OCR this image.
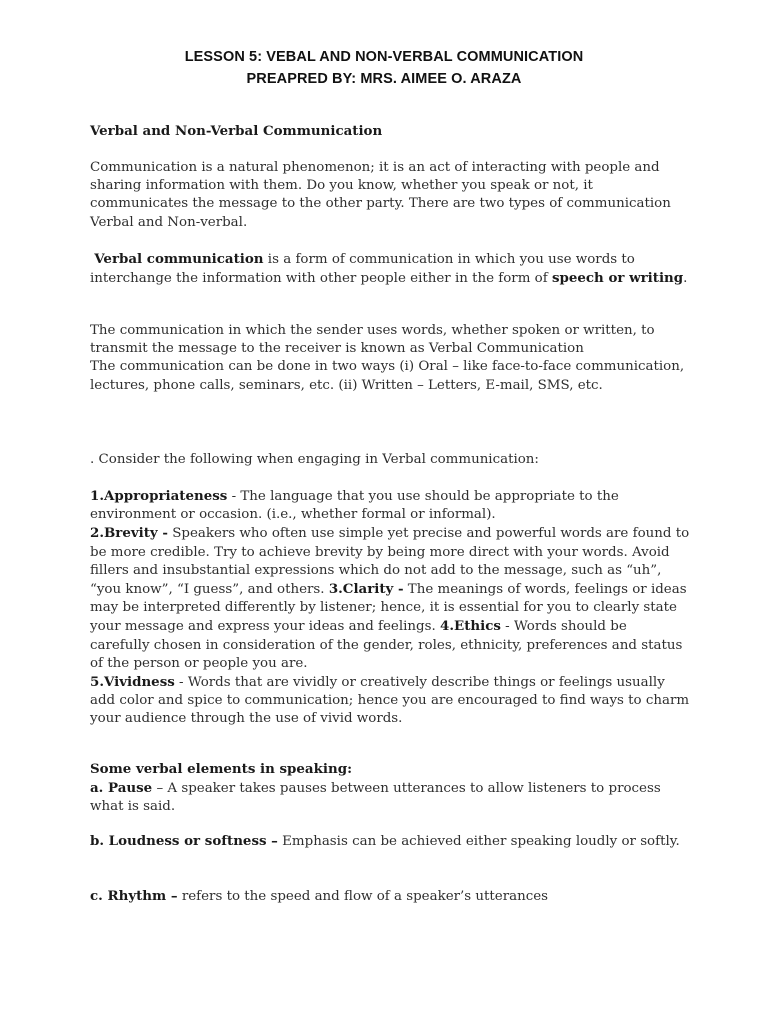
LESSON 5: VEBAL AND NON-VERBAL COMMUNICATION
PREAPRED BY: MRS. AIMEE O. ARAZA
Verbal and Non-Verbal Communication

Communication is a natural phenomenon; it is an act of interacting with people and sharing information with them. Do you know, whether you speak or not, it communicates the message to the other party. There are two types of communication Verbal and Non-verbal.

Verbal communication is a form of communication in which you use words to interchange the information with other people either in the form of speech or writing.

The communication in which the sender uses words, whether spoken or written, to transmit the message to the receiver is known as Verbal Communication

The communication can be done in two ways (i) Oral – like face-to-face communication, lectures, phone calls, seminars, etc. (ii) Written – Letters, E-mail, SMS, etc.

. Consider the following when engaging in Verbal communication:

1.Appropriateness - The language that you use should be appropriate to the environment or occasion. (i.e., whether formal or informal).

2.Brevity - Speakers who often use simple yet precise and powerful words are found to be more credible. Try to achieve brevity by being more direct with your words. Avoid fillers and insubstantial expressions which do not add to the message, such as “uh”, “you know”, “I guess”, and others. 3.Clarity - The meanings of words, feelings or ideas may be interpreted differently by listener; hence, it is essential for you to clearly state your message and express your ideas and feelings. 4.Ethics - Words should be carefully chosen in consideration of the gender, roles, ethnicity, preferences and status of the person or people you are.

5.Vividness - Words that are vividly or creatively describe things or feelings usually add color and spice to communication; hence you are encouraged to find ways to charm your audience through the use of vivid words.

Some verbal elements in speaking:

a. Pause – A speaker takes pauses between utterances to allow listeners to process what is said.

b. Loudness or softness – Emphasis can be achieved either speaking loudly or softly.

c. Rhythm – refers to the speed and flow of a speaker’s utterances
